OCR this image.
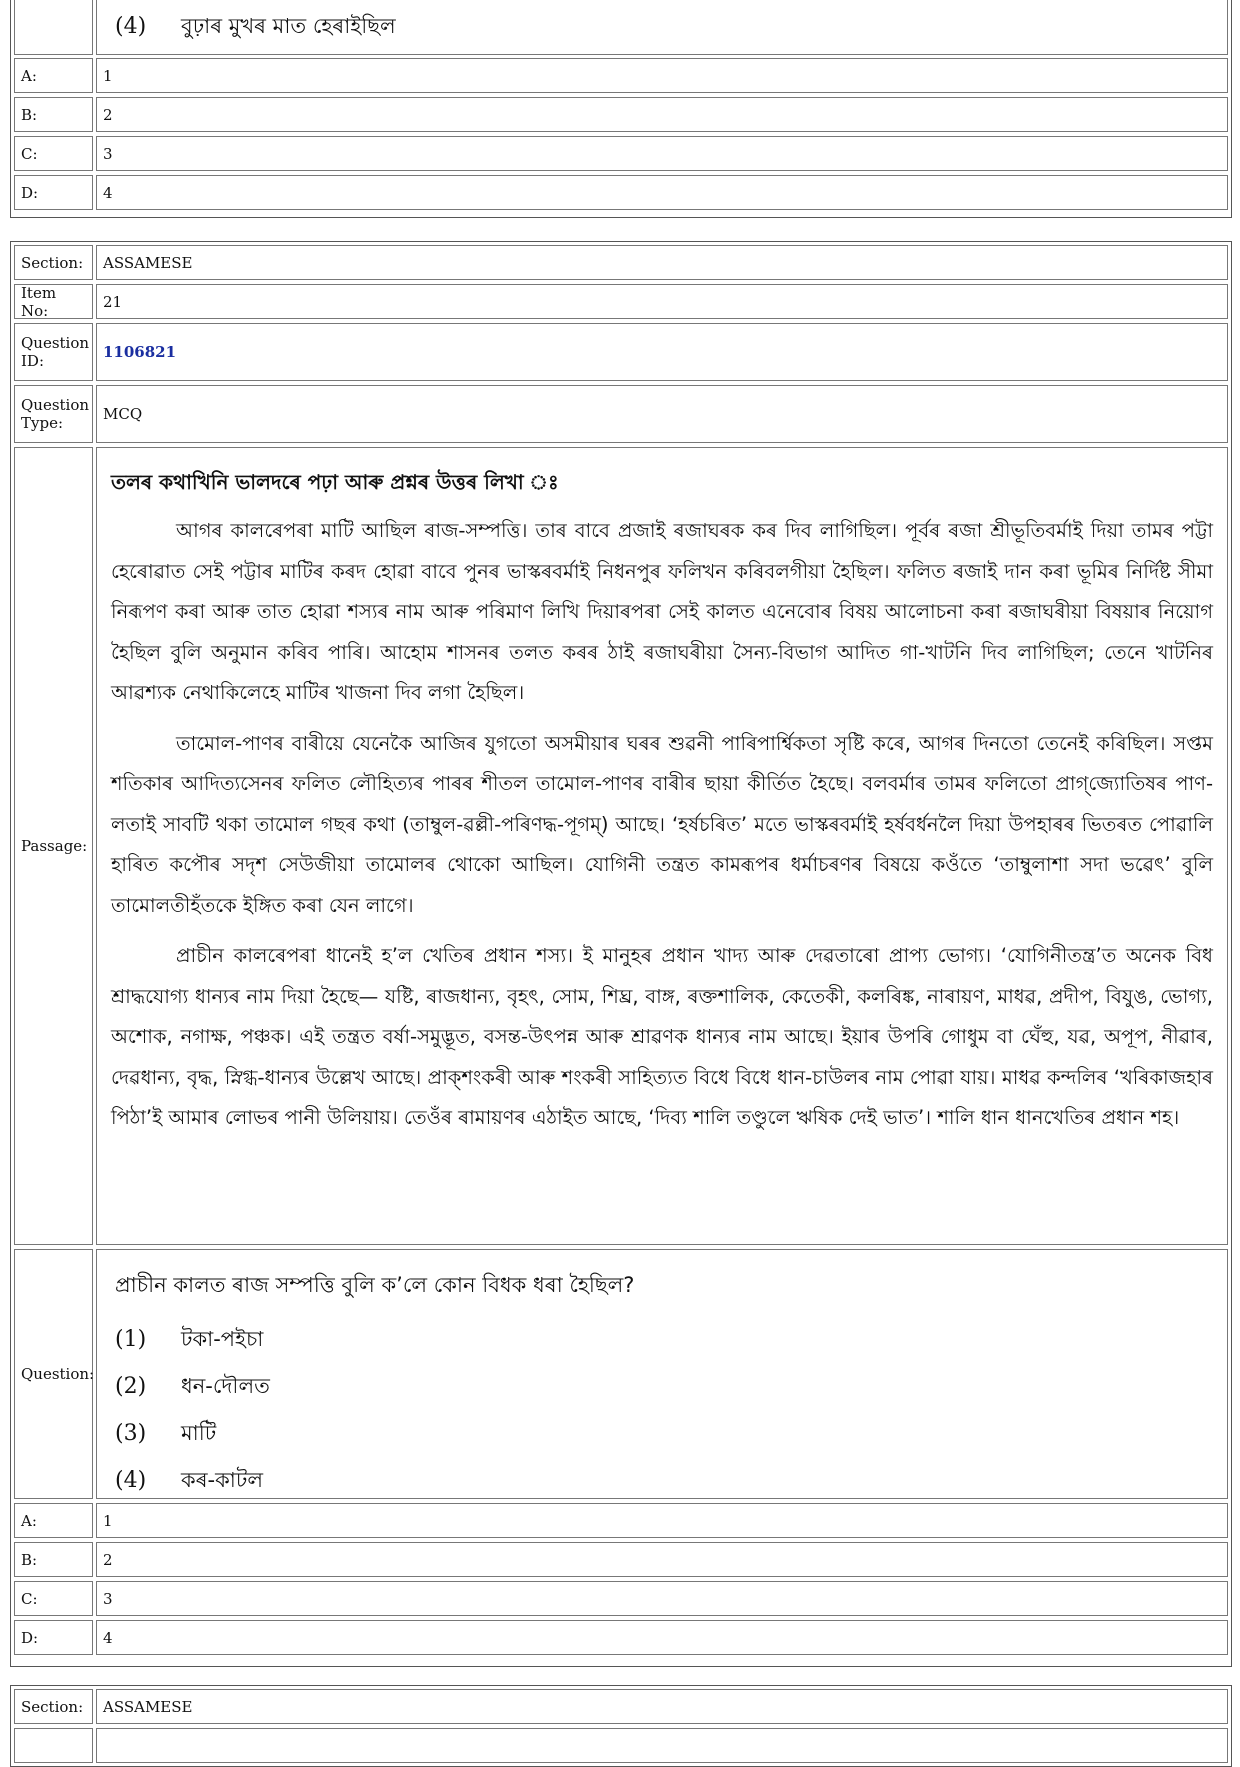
(4) বুঢ়াৰ মুখৰ মাত হেৰাইছিল
A:	1
B:	2
C:	3
D:	4
Section:	ASSAMESE
Item No:	21
Question ID:	1106821
Question Type:	MCQ
Passage:
তলৰ কথাখিনি ভালদৰে পঢ়া আৰু প্ৰশ্নৰ উত্তৰ লিখা ঃ

আগৰ কালৰেপৰা মাটি আছিল ৰাজ-সম্পত্তি। তাৰ বাবে প্ৰজাই ৰজাঘৰক কৰ দিব লাগিছিল। পূৰ্বৰ ৰজা শ্ৰীভূতিবৰ্মাই দিয়া তামৰ পট্টা হেৰোৱাত সেই পট্টাৰ মাটিৰ কৰদ হোৱা বাবে পুনৰ ভাস্কৰবৰ্মাই নিধনপুৰ ফলিখন কৰিবলগীয়া হৈছিল। ফলিত ৰজাই দান কৰা ভূমিৰ নিৰ্দিষ্ট সীমা নিৰূপণ কৰা আৰু তাত হোৱা শস্যৰ নাম আৰু পৰিমাণ লিখি দিয়াৰপৰা সেই কালত এনেবোৰ বিষয় আলোচনা কৰা ৰজাঘৰীয়া বিষয়াৰ নিয়োগ হৈছিল বুলি অনুমান কৰিব পাৰি। আহোম শাসনৰ তলত কৰৰ ঠাই ৰজাঘৰীয়া সৈন্য-বিভাগ আদিত গা-খাটনি দিব লাগিছিল; তেনে খাটনিৰ আৱশ্যক নেথাকিলেহে মাটিৰ খাজনা দিব লগা হৈছিল।

তামোল-পাণৰ বাৰীয়ে যেনেকৈ আজিৰ যুগতো অসমীয়াৰ ঘৰৰ শুৱনী পাৰিপাৰ্শ্বিকতা সৃষ্টি কৰে, আগৰ দিনতো তেনেই কৰিছিল। সপ্তম শতিকাৰ আদিত্যসেনৰ ফলিত লৌহিত্যৰ পাৰৰ শীতল তামোল-পাণৰ বাৰীৰ ছায়া কীৰ্তিত হৈছে। বলবৰ্মাৰ তামৰ ফলিতো প্ৰাগ্‌জ্যোতিষৰ পাণ-লতাই সাবটি থকা তামোল গছৰ কথা (তাম্বুল-ৱল্লী-পৰিণদ্ধ-পূগম্) আছে। ‘হৰ্ষচৰিত’ মতে ভাস্কৰবৰ্মাই হৰ্ষবৰ্ধনলৈ দিয়া উপহাৰৰ ভিতৰত পোৱালি হাৰিত কপৌৰ সদৃশ সেউজীয়া তামোলৰ থোকো আছিল। যোগিনী তন্ত্ৰত কামৰূপৰ ধৰ্মাচৰণৰ বিষয়ে কওঁতে ‘তাম্বুলাশা সদা ভৱেৎ’ বুলি তামোলতীহঁতকে ইঙ্গিত কৰা যেন লাগে।

প্ৰাচীন কালৰেপৰা ধানেই হ’ল খেতিৰ প্ৰধান শস্য। ই মানুহৰ প্ৰধান খাদ্য আৰু দেৱতাৰো প্ৰাপ্য ভোগ্য। ‘যোগিনীতন্ত্ৰ’ত অনেক বিধ শ্ৰাদ্ধযোগ্য ধান্যৰ নাম দিয়া হৈছে— যষ্টি, ৰাজধান্য, বৃহৎ, সোম, শিঘ্ৰ, বাঙ্গ, ৰক্তশালিক, কেতেকী, কলৰিঙ্ক, নাৰায়ণ, মাধৱ, প্ৰদীপ, বিযুঙ, ভোগ্য, অশোক, নগাক্ষ, পঞ্চক। এই তন্ত্ৰত বৰ্ষা-সমুদ্ভূত, বসন্ত-উৎপন্ন আৰু শ্ৰাৱণক ধান্যৰ নাম আছে। ইয়াৰ উপৰি গোধুম বা ঘেঁহু, যৱ, অপূপ, নীৱাৰ, দেৱধান্য, বৃদ্ধ, স্নিগ্ধ-ধান্যৰ উল্লেখ আছে। প্ৰাক্‌শংকৰী আৰু শংকৰী সাহিত্যত বিধে বিধে ধান-চাউলৰ নাম পোৱা যায়। মাধৱ কন্দলিৰ ‘খৰিকাজহাৰ পিঠা’ই আমাৰ লোভৰ পানী উলিয়ায়। তেওঁৰ ৰামায়ণৰ এঠাইত আছে, ‘দিব্য শালি তণ্ডুলে ঋষিক দেই ভাত’। শালি ধান ধানখেতিৰ প্ৰধান শহ।

Question:
প্ৰাচীন কালত ৰাজ সম্পত্তি বুলি ক’লে কোন বিধক ধৰা হৈছিল?
(1) টকা-পইচা
(2) ধন-দৌলত
(3) মাটি
(4) কৰ-কাটল
A:	1
B:	2
C:	3
D:	4
Section:	ASSAMESE
